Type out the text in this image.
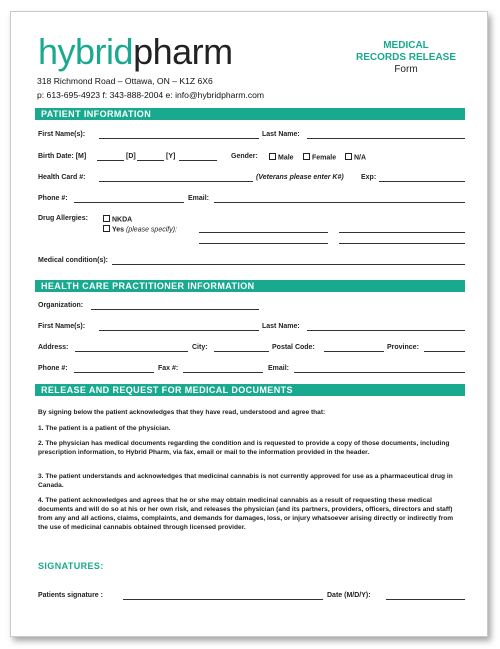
hybridpharm
318 Richmond Road – Ottawa, ON – K1Z 6X6
p: 613-695-4923 f: 343-888-2004 e: info@hybridpharm.com
MEDICAL
RECORDS RELEASE
Form
PATIENT INFORMATION
First Name(s):	Last Name:
Birth Date: [M]	[D]	[Y]	Gender:	Male	Female	N/A
Health Card #:	(Veterans please enter K#) Exp:
Phone #:	Email:
Drug Allergies:	NKDA
Yes (please specify):
Medical condition(s):
HEALTH CARE PRACTITIONER INFORMATION
Organization:
First Name(s):	Last Name:
Address:	City:	Postal Code:	Province:
Phone #:	Fax #:	Email:
RELEASE AND REQUEST FOR MEDICAL DOCUMENTS
By signing below the patient acknowledges that they have read, understood and agree that:
1. The patient is a patient of the physician.
2. The physician has medical documents regarding the condition and is requested to provide a copy of those documents, including prescription information, to Hybrid Pharm, via fax, email or mail to the information provided in the header.
3. The patient understands and acknowledges that medicinal cannabis is not currently approved for use as a pharmaceutical drug in Canada.
4. The patient acknowledges and agrees that he or she may obtain medicinal cannabis as a result of requesting these medical documents and will do so at his or her own risk, and releases the physician (and its partners, providers, officers, directors and staff) from any and all actions, claims, complaints, and demands for damages, loss, or injury whatsoever arising directly or indirectly from the use of medicinal cannabis obtained through licensed provider.
SIGNATURES:
Patients signature :	Date (M/D/Y):
